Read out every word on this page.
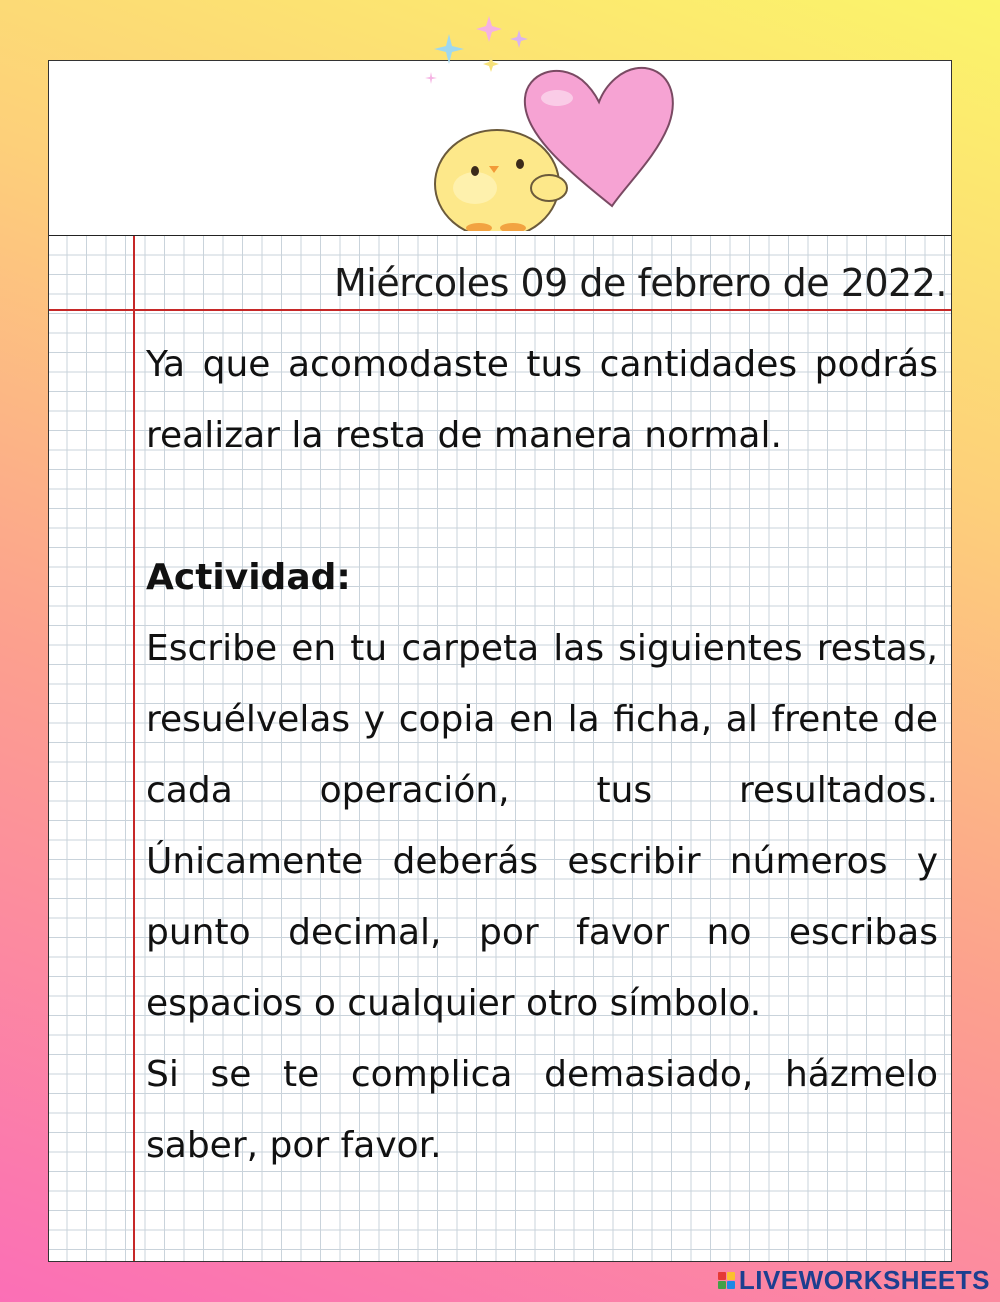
Miércoles 09 de febrero de 2022.

Ya que acomodaste tus cantidades podrás realizar la resta de manera normal.

Actividad:

Escribe en tu carpeta las siguientes restas, resuélvelas y copia en la ficha, al frente de cada operación, tus resultados. Únicamente deberás escribir números y punto decimal, por favor no escribas espacios o cualquier otro símbolo.

Si se te complica demasiado, házmelo saber, por favor.

LIVEWORKSHEETS
